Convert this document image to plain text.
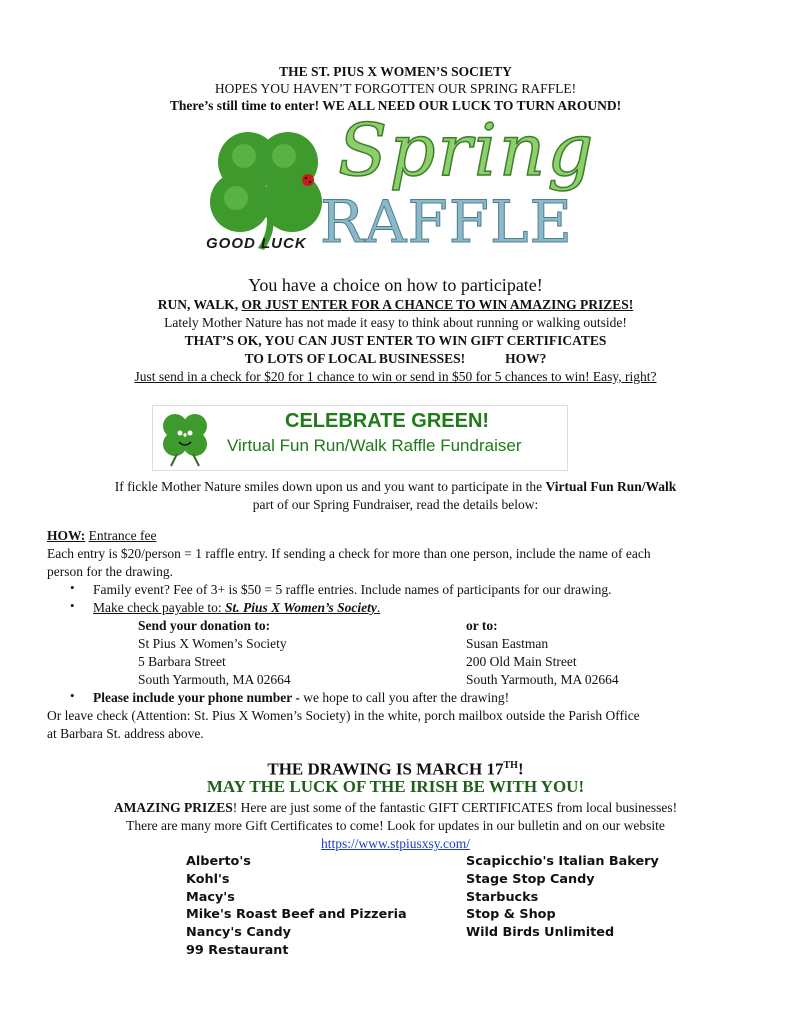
THE ST. PIUS X WOMEN’S SOCIETY
HOPES YOU HAVEN’T FORGOTTEN OUR SPRING RAFFLE!
There’s still time to enter! WE ALL NEED OUR LUCK TO TURN AROUND!
GOOD LUCK
Spring
RAFFLE
You have a choice on how to participate!
RUN, WALK, OR JUST ENTER FOR A CHANCE TO WIN AMAZING PRIZES!
Lately Mother Nature has not made it easy to think about running or walking outside!
THAT’S OK, YOU CAN JUST ENTER TO WIN GIFT CERTIFICATES
TO LOTS OF LOCAL BUSINESSES!	HOW?
Just send in a check for $20 for 1 chance to win or send in $50 for 5 chances to win! Easy, right?
CELEBRATE GREEN!
Virtual Fun Run/Walk Raffle Fundraiser
If fickle Mother Nature smiles down upon us and you want to participate in the Virtual Fun Run/Walk
part of our Spring Fundraiser, read the details below:
HOW: Entrance fee
Each entry is $20/person = 1 raffle entry. If sending a check for more than one person, include the name of each
person for the drawing.
• Family event? Fee of 3+ is $50 = 5 raffle entries. Include names of participants for our drawing.
• Make check payable to: St. Pius X Women’s Society.
Send your donation to:
St Pius X Women’s Society
5 Barbara Street
South Yarmouth, MA 02664
or to:
Susan Eastman
200 Old Main Street
South Yarmouth, MA 02664
• Please include your phone number - we hope to call you after the drawing!
Or leave check (Attention: St. Pius X Women’s Society) in the white, porch mailbox outside the Parish Office
at Barbara St. address above.
THE DRAWING IS MARCH 17TH!
MAY THE LUCK OF THE IRISH BE WITH YOU!
AMAZING PRIZES! Here are just some of the fantastic GIFT CERTIFICATES from local businesses!
There are many more Gift Certificates to come! Look for updates in our bulletin and on our website
https://www.stpiusxsy.com/
Alberto's
Kohl's
Macy's
Mike's Roast Beef and Pizzeria
Nancy's Candy
99 Restaurant
Scapicchio's Italian Bakery
Stage Stop Candy
Starbucks
Stop & Shop
Wild Birds Unlimited
